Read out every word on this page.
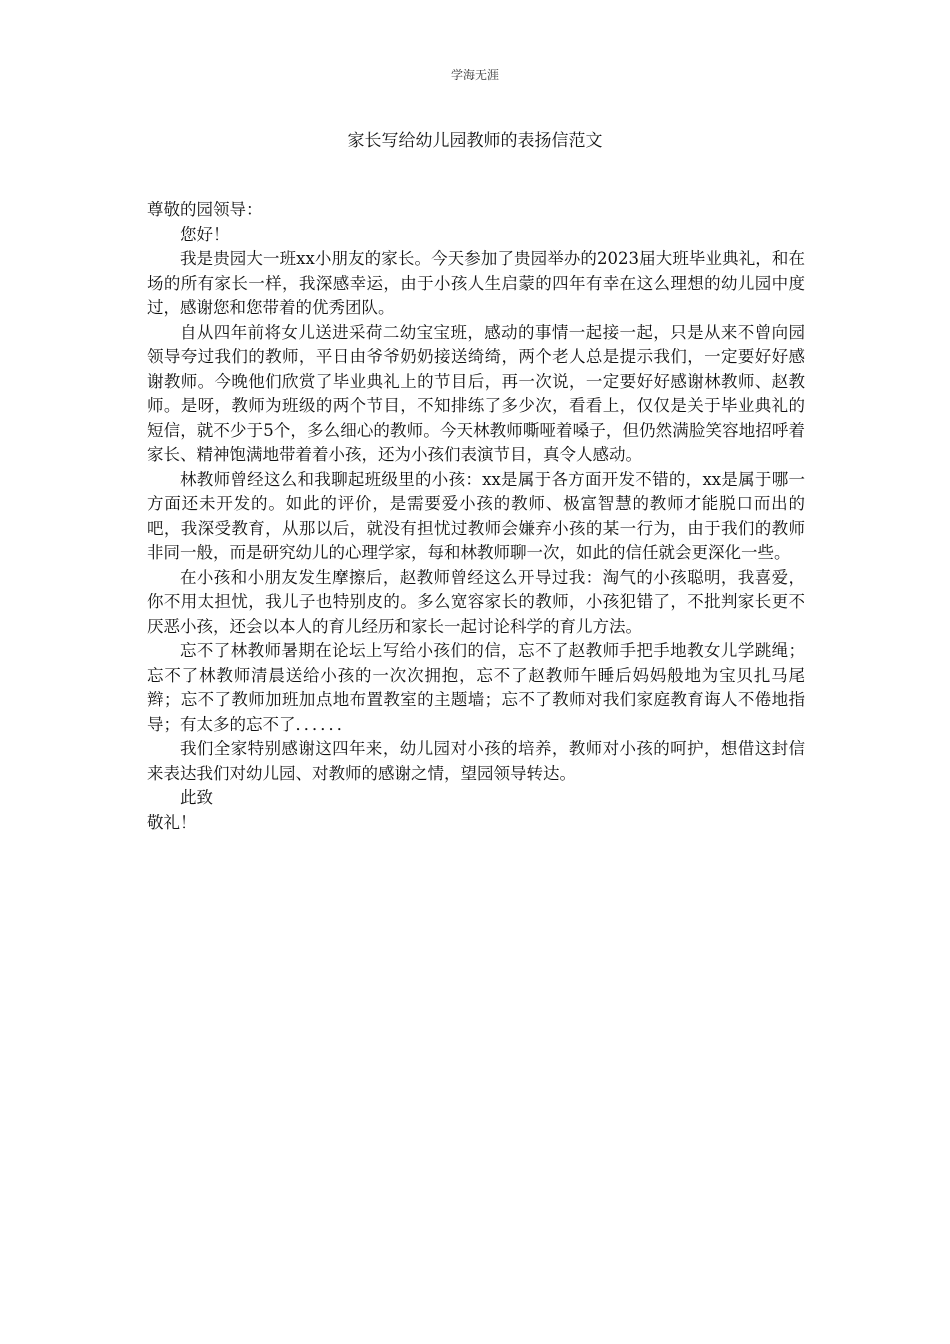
学海无涯
家长写给幼儿园教师的表扬信范文

尊敬的园领导：

您好！

我是贵园大一班xx小朋友的家长。今天参加了贵园举办的2023届大班毕业典礼，和在场的所有家长一样，我深感幸运，由于小孩人生启蒙的四年有幸在这么理想的幼儿园中度过，感谢您和您带着的优秀团队。

自从四年前将女儿送进采荷二幼宝宝班，感动的事情一起接一起，只是从来不曾向园领导夸过我们的教师，平日由爷爷奶奶接送绮绮，两个老人总是提示我们，一定要好好感谢教师。今晚他们欣赏了毕业典礼上的节目后，再一次说，一定要好好感谢林教师、赵教师。是呀，教师为班级的两个节目，不知排练了多少次，看看上，仅仅是关于毕业典礼的短信，就不少于5个，多么细心的教师。今天林教师嘶哑着嗓子，但仍然满脸笑容地招呼着家长、精神饱满地带着着小孩，还为小孩们表演节目，真令人感动。

林教师曾经这么和我聊起班级里的小孩：xx是属于各方面开发不错的，xx是属于哪一方面还未开发的。如此的评价，是需要爱小孩的教师、极富智慧的教师才能脱口而出的吧，我深受教育，从那以后，就没有担忧过教师会嫌弃小孩的某一行为，由于我们的教师非同一般，而是研究幼儿的心理学家，每和林教师聊一次，如此的信任就会更深化一些。

在小孩和小朋友发生摩擦后，赵教师曾经这么开导过我：淘气的小孩聪明，我喜爱，你不用太担忧，我儿子也特别皮的。多么宽容家长的教师，小孩犯错了，不批判家长更不厌恶小孩，还会以本人的育儿经历和家长一起讨论科学的育儿方法。

忘不了林教师暑期在论坛上写给小孩们的信，忘不了赵教师手把手地教女儿学跳绳；忘不了林教师清晨送给小孩的一次次拥抱，忘不了赵教师午睡后妈妈般地为宝贝扎马尾辫；忘不了教师加班加点地布置教室的主题墙；忘不了教师对我们家庭教育诲人不倦地指导；有太多的忘不了．．．．．．

我们全家特别感谢这四年来，幼儿园对小孩的培养，教师对小孩的呵护，想借这封信来表达我们对幼儿园、对教师的感谢之情，望园领导转达。

此致

敬礼！
